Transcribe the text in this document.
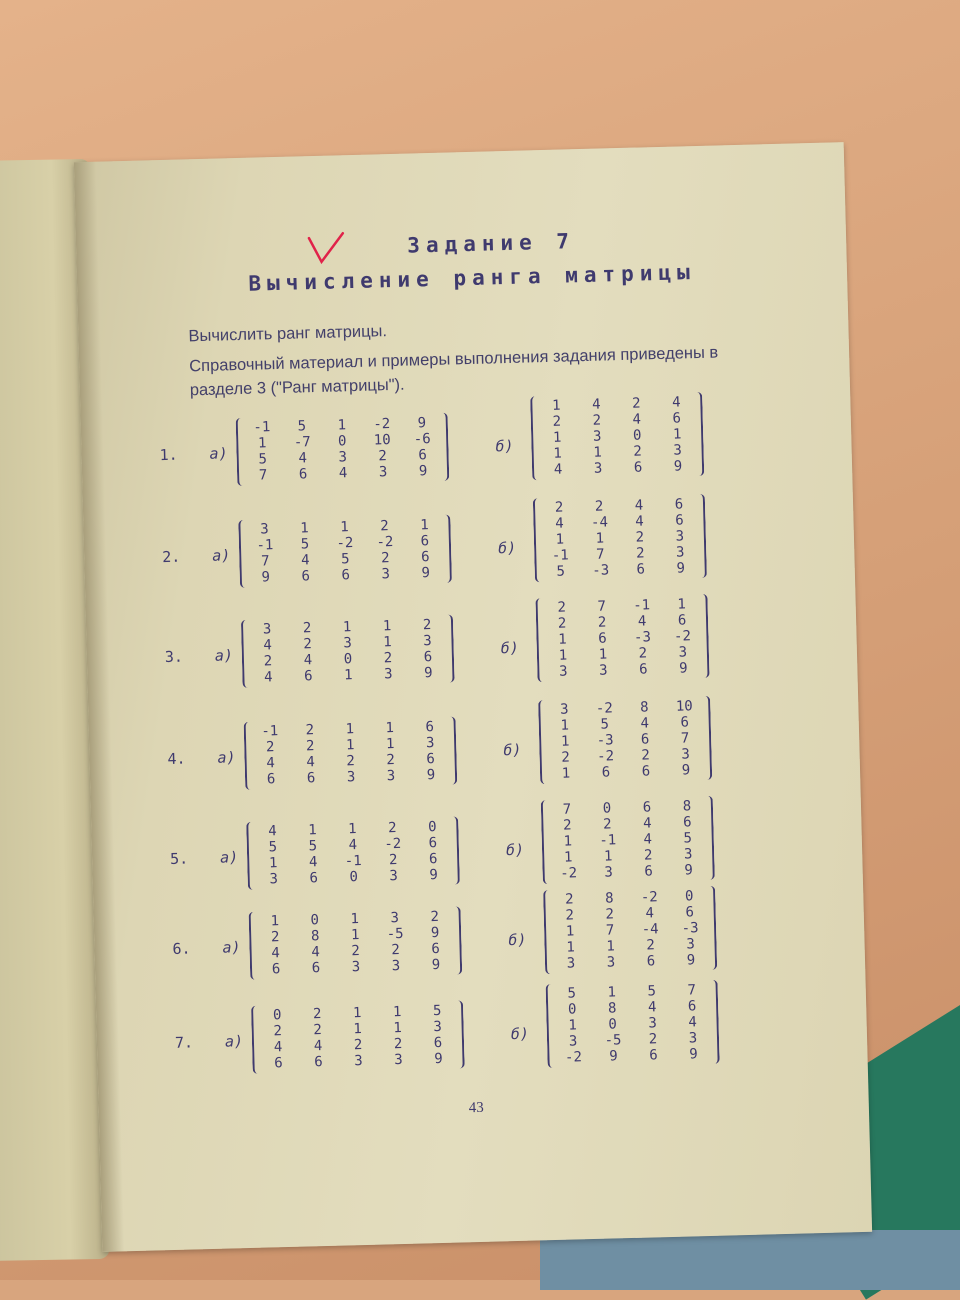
Задание 7
Вычисление ранга матрицы
Вычислить ранг матрицы.
Справочный материал и примеры выполнения задания приведены в
разделе 3 ("Ранг матрицы").
1. а)	б)
-1	5	1	-2	9
1	-7	0	10	-6
5	4	3	2	6
7	6	4	3	9
1	4	2	4
2	2	4	6
1	3	0	1
1	1	2	3
4	3	6	9
2. а)	б)
3	1	1	2	1
-1	5	-2	-2	6
7	4	5	2	6
9	6	6	3	9
2	2	4	6
4	-4	4	6
1	1	2	3
-1	7	2	3
5	-3	6	9
3. а)	б)
3	2	1	1	2
4	2	3	1	3
2	4	0	2	6
4	6	1	3	9
2	7	-1	1
2	2	4	6
1	6	-3	-2
1	1	2	3
3	3	6	9
4. а)	б)
-1	2	1	1	6
2	2	1	1	3
4	4	2	2	6
6	6	3	3	9
3	-2	8	10
1	5	4	6
1	-3	6	7
2	-2	2	3
1	6	6	9
5. а)	б)
4	1	1	2	0
5	5	4	-2	6
1	4	-1	2	6
3	6	0	3	9
7	0	6	8
2	2	4	6
1	-1	4	5
1	1	2	3
-2	3	6	9
6. а)	б)
1	0	1	3	2
2	8	1	-5	9
4	4	2	2	6
6	6	3	3	9
2	8	-2	0
2	2	4	6
1	7	-4	-3
1	1	2	3
3	3	6	9
7. а)	б)
0	2	1	1	5
2	2	1	1	3
4	4	2	2	6
6	6	3	3	9
5	1	5	7
0	8	4	6
1	0	3	4
3	-5	2	3
-2	9	6	9
43
